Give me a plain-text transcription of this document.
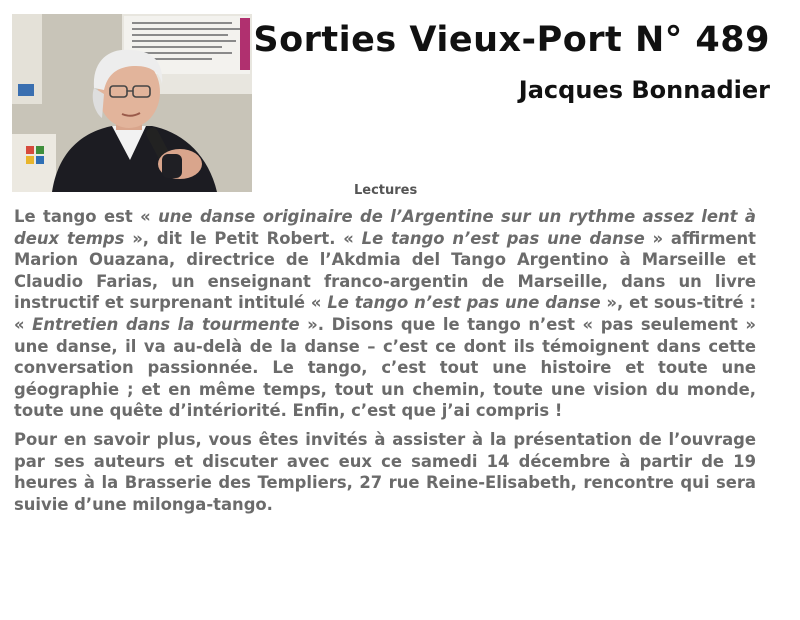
Sorties Vieux-Port N° 489
Jacques Bonnadier
Lectures

Le tango est « une danse originaire de l’Argentine sur un rythme assez lent à deux temps », dit le Petit Robert. « Le tango n’est pas une danse » affirment Marion Ouazana, directrice de l’Akdmia del Tango Argentino à Marseille et Claudio Farias, un enseignant franco-argentin de Marseille, dans un livre instructif et surprenant intitulé « Le tango n’est pas une danse », et sous-titré : « Entretien dans la tourmente ». Disons que le tango n’est « pas seulement » une danse, il va au-delà de la danse – c’est ce dont ils témoignent dans cette conversation passionnée. Le tango, c’est tout une histoire et toute une géographie ; et en même temps, tout un chemin, toute une vision du monde, toute une quête d’intériorité. Enfin, c’est que j’ai compris !

Pour en savoir plus, vous êtes invités à assister à la présentation de l’ouvrage par ses auteurs et discuter avec eux ce samedi 14 décembre à partir de 19 heures à la Brasserie des Templiers, 27 rue Reine-Elisabeth, rencontre qui sera suivie d’une milonga-tango.
